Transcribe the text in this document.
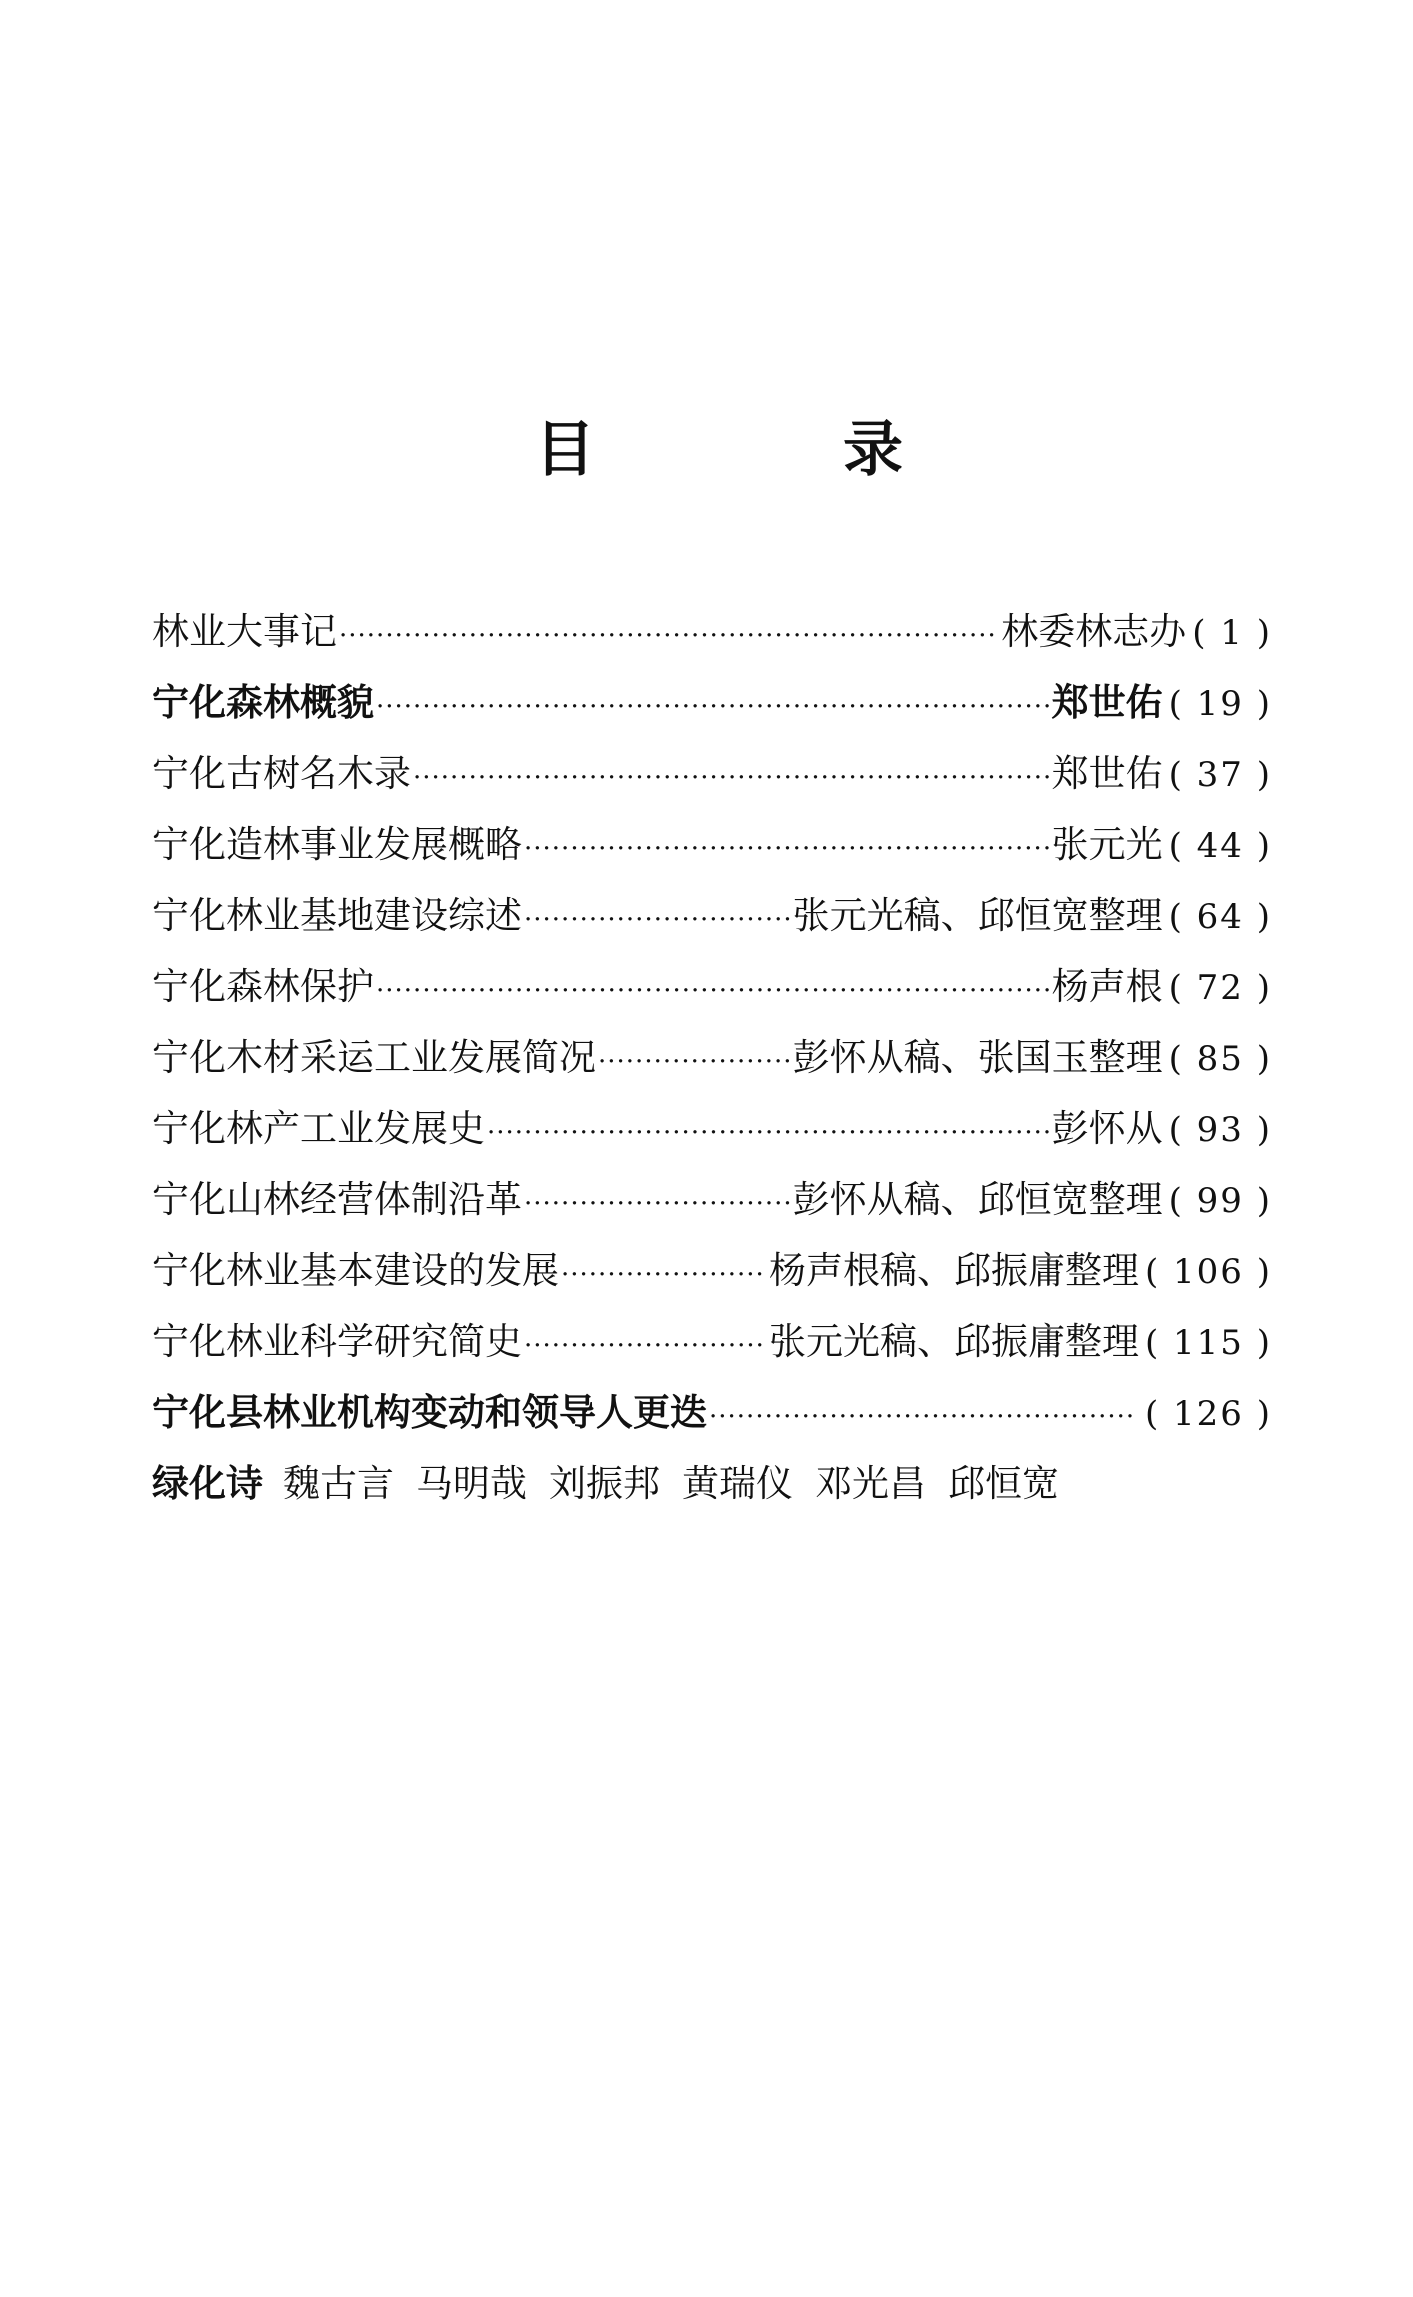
目	录
林业大事记 ·····	林委林志办 ( 1 )
宁化森林概貌 ·····	郑世佑 ( 19 )
宁化古树名木录 ·····	郑世佑 ( 37 )
宁化造林事业发展概略 ·····	张元光 ( 44 )
宁化林业基地建设综述 ·····	张元光稿、邱恒宽整理 ( 64 )
宁化森林保护 ·····	杨声根 ( 72 )
宁化木材采运工业发展简况 ·····	彭怀从稿、张国玉整理 ( 85 )
宁化林产工业发展史 ·····	彭怀从 ( 93 )
宁化山林经营体制沿革 ·····	彭怀从稿、邱恒宽整理 ( 99 )
宁化林业基本建设的发展 ·····	杨声根稿、邱振庸整理 ( 106 )
宁化林业科学研究简史 ·····	张元光稿、邱振庸整理 ( 115 )
宁化县林业机构变动和领导人更迭 ·····	( 126 )
绿化诗 魏古言 马明哉 刘振邦 黄瑞仪 邓光昌 邱恒宽
